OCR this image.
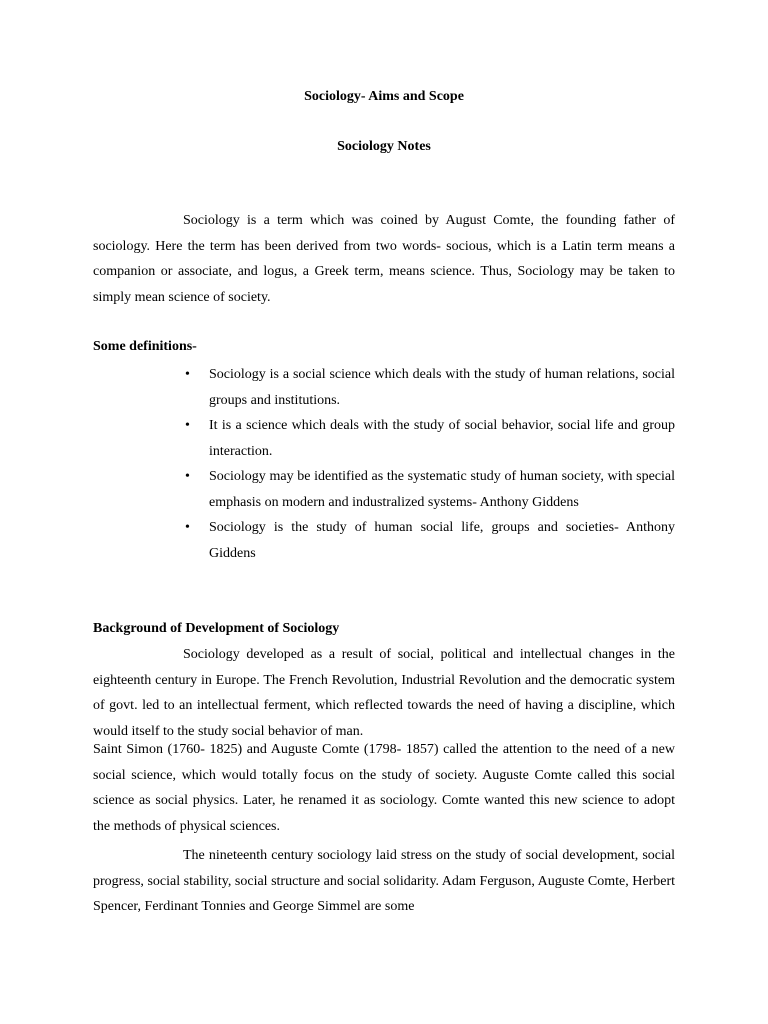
Sociology- Aims and Scope
Sociology Notes

Sociology is a term which was coined by August Comte, the founding father of sociology. Here the term has been derived from two words- socious, which is a Latin term means a companion or associate, and logus, a Greek term, means science. Thus, Sociology may be taken to simply mean science of society.

Some definitions-
•	Sociology is a social science which deals with the study of human relations, social groups and institutions.
•	It is a science which deals with the study of social behavior, social life and group interaction.
•	Sociology may be identified as the systematic study of human society, with special emphasis on modern and industralized systems- Anthony Giddens
•	Sociology is the study of human social life, groups and societies- Anthony Giddens
Background of Development of Sociology

Sociology developed as a result of social, political and intellectual changes in the eighteenth century in Europe. The French Revolution, Industrial Revolution and the democratic system of govt. led to an intellectual ferment, which reflected towards the need of having a discipline, which would itself to the study social behavior of man.

Saint Simon (1760- 1825) and Auguste Comte (1798- 1857) called the attention to the need of a new social science, which would totally focus on the study of society. Auguste Comte called this social science as social physics. Later, he renamed it as sociology. Comte wanted this new science to adopt the methods of physical sciences.

The nineteenth century sociology laid stress on the study of social development, social progress, social stability, social structure and social solidarity. Adam Ferguson, Auguste Comte, Herbert Spencer, Ferdinant Tonnies and George Simmel are some
